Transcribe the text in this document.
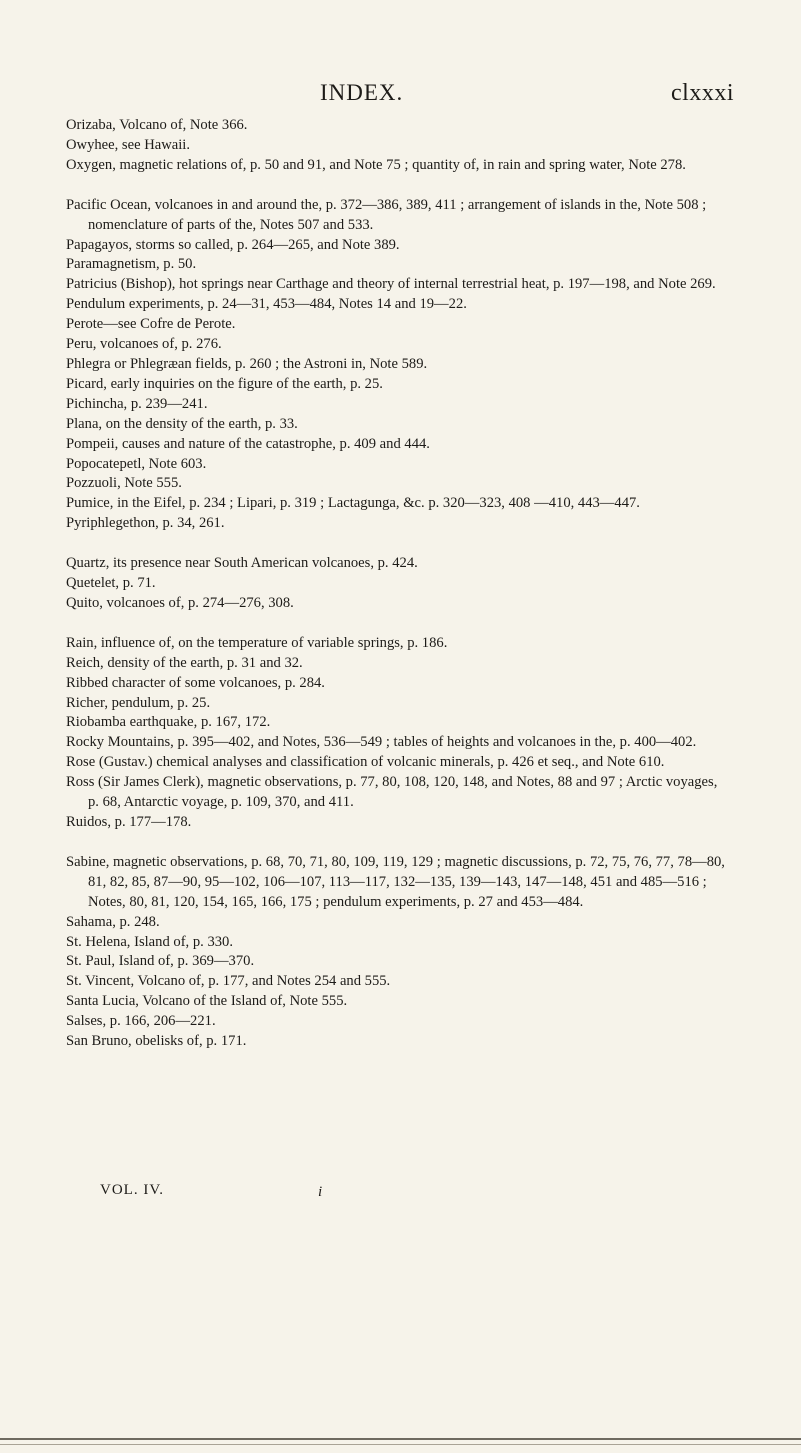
INDEX.	clxxxi

Orizaba, Volcano of, Note 366.

Owyhee, see Hawaii.

Oxygen, magnetic relations of, p. 50 and 91, and Note 75 ; quantity of, in rain and spring water, Note 278.

Pacific Ocean, volcanoes in and around the, p. 372—386, 389, 411 ; arrangement of islands in the, Note 508 ; nomenclature of parts of the, Notes 507 and 533.

Papagayos, storms so called, p. 264—265, and Note 389.

Paramagnetism, p. 50.

Patricius (Bishop), hot springs near Carthage and theory of internal terrestrial heat, p. 197—198, and Note 269.

Pendulum experiments, p. 24—31, 453—484, Notes 14 and 19—22.

Perote—see Cofre de Perote.

Peru, volcanoes of, p. 276.

Phlegra or Phlegræan fields, p. 260 ; the Astroni in, Note 589.

Picard, early inquiries on the figure of the earth, p. 25.

Pichincha, p. 239—241.

Plana, on the density of the earth, p. 33.

Pompeii, causes and nature of the catastrophe, p. 409 and 444.

Popocatepetl, Note 603.

Pozzuoli, Note 555.

Pumice, in the Eifel, p. 234 ; Lipari, p. 319 ; Lactagunga, &c. p. 320—323, 408 —410, 443—447.

Pyriphlegethon, p. 34, 261.

Quartz, its presence near South American volcanoes, p. 424.

Quetelet, p. 71.

Quito, volcanoes of, p. 274—276, 308.

Rain, influence of, on the temperature of variable springs, p. 186.

Reich, density of the earth, p. 31 and 32.

Ribbed character of some volcanoes, p. 284.

Richer, pendulum, p. 25.

Riobamba earthquake, p. 167, 172.

Rocky Mountains, p. 395—402, and Notes, 536—549 ; tables of heights and volcanoes in the, p. 400—402.

Rose (Gustav.) chemical analyses and classification of volcanic minerals, p. 426 et seq., and Note 610.

Ross (Sir James Clerk), magnetic observations, p. 77, 80, 108, 120, 148, and Notes, 88 and 97 ; Arctic voyages, p. 68, Antarctic voyage, p. 109, 370, and 411.

Ruidos, p. 177—178.

Sabine, magnetic observations, p. 68, 70, 71, 80, 109, 119, 129 ; magnetic discussions, p. 72, 75, 76, 77, 78—80, 81, 82, 85, 87—90, 95—102, 106—107, 113—117, 132—135, 139—143, 147—148, 451 and 485—516 ; Notes, 80, 81, 120, 154, 165, 166, 175 ; pendulum experiments, p. 27 and 453—484.

Sahama, p. 248.

St. Helena, Island of, p. 330.

St. Paul, Island of, p. 369—370.

St. Vincent, Volcano of, p. 177, and Notes 254 and 555.

Santa Lucia, Volcano of the Island of, Note 555.

Salses, p. 166, 206—221.

San Bruno, obelisks of, p. 171.

VOL. IV.	i
